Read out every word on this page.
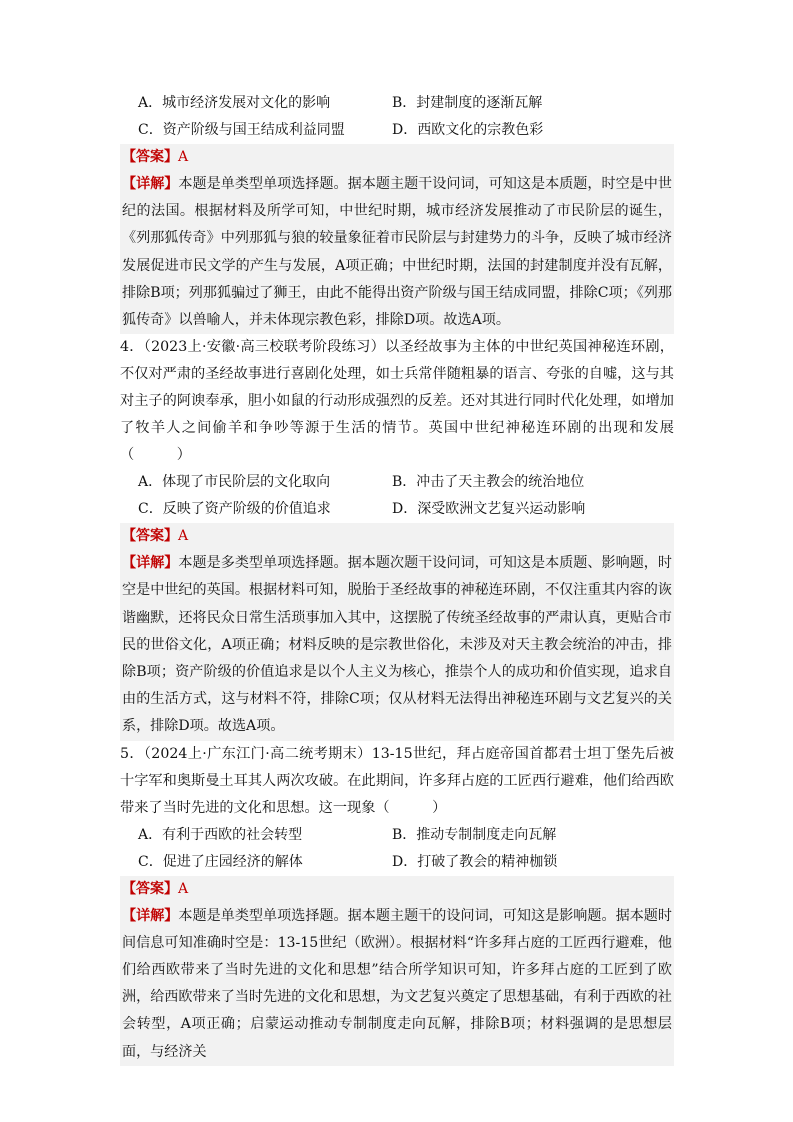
A．城市经济发展对文化的影响	B．封建制度的逐渐瓦解
C．资产阶级与国王结成利益同盟	D．西欧文化的宗教色彩

【答案】A

【详解】本题是单类型单项选择题。据本题主题干设问词，可知这是本质题，时空是中世纪的法国。根据材料及所学可知，中世纪时期，城市经济发展推动了市民阶层的诞生，《列那狐传奇》中列那狐与狼的较量象征着市民阶层与封建势力的斗争，反映了城市经济发展促进市民文学的产生与发展，A项正确；中世纪时期，法国的封建制度并没有瓦解，排除B项；列那狐骗过了狮王，由此不能得出资产阶级与国王结成同盟，排除C项；《列那狐传奇》以兽喻人，并未体现宗教色彩，排除D项。故选A项。

4．（2023上·安徽·高三校联考阶段练习）以圣经故事为主体的中世纪英国神秘连环剧，不仅对严肃的圣经故事进行喜剧化处理，如士兵常伴随粗暴的语言、夸张的自嘘，这与其对主子的阿谀奉承，胆小如鼠的行动形成强烈的反差。还对其进行同时代化处理，如增加了牧羊人之间偷羊和争吵等源于生活的情节。英国中世纪神秘连环剧的出现和发展（　　　）

A．体现了市民阶层的文化取向	B．冲击了天主教会的统治地位
C．反映了资产阶级的价值追求	D．深受欧洲文艺复兴运动影响

【答案】A

【详解】本题是多类型单项选择题。据本题次题干设问词，可知这是本质题、影响题，时空是中世纪的英国。根据材料可知，脱胎于圣经故事的神秘连环剧，不仅注重其内容的诙谐幽默，还将民众日常生活琐事加入其中，这摆脱了传统圣经故事的严肃认真，更贴合市民的世俗文化，A项正确；材料反映的是宗教世俗化，未涉及对天主教会统治的冲击，排除B项；资产阶级的价值追求是以个人主义为核心，推崇个人的成功和价值实现，追求自由的生活方式，这与材料不符，排除C项；仅从材料无法得出神秘连环剧与文艺复兴的关系，排除D项。故选A项。

5．（2024上·广东江门·高二统考期末）13-15世纪，拜占庭帝国首都君士坦丁堡先后被十字军和奥斯曼土耳其人两次攻破。在此期间，许多拜占庭的工匠西行避难，他们给西欧带来了当时先进的文化和思想。这一现象（　　　）

A．有利于西欧的社会转型	B．推动专制制度走向瓦解
C．促进了庄园经济的解体	D．打破了教会的精神枷锁

【答案】A

【详解】本题是单类型单项选择题。据本题主题干的设问词，可知这是影响题。据本题时间信息可知准确时空是：13-15世纪（欧洲）。根据材料“许多拜占庭的工匠西行避难，他们给西欧带来了当时先进的文化和思想”结合所学知识可知，许多拜占庭的工匠到了欧洲，给西欧带来了当时先进的文化和思想，为文艺复兴奠定了思想基础，有利于西欧的社会转型，A项正确；启蒙运动推动专制制度走向瓦解，排除B项；材料强调的是思想层面，与经济关
